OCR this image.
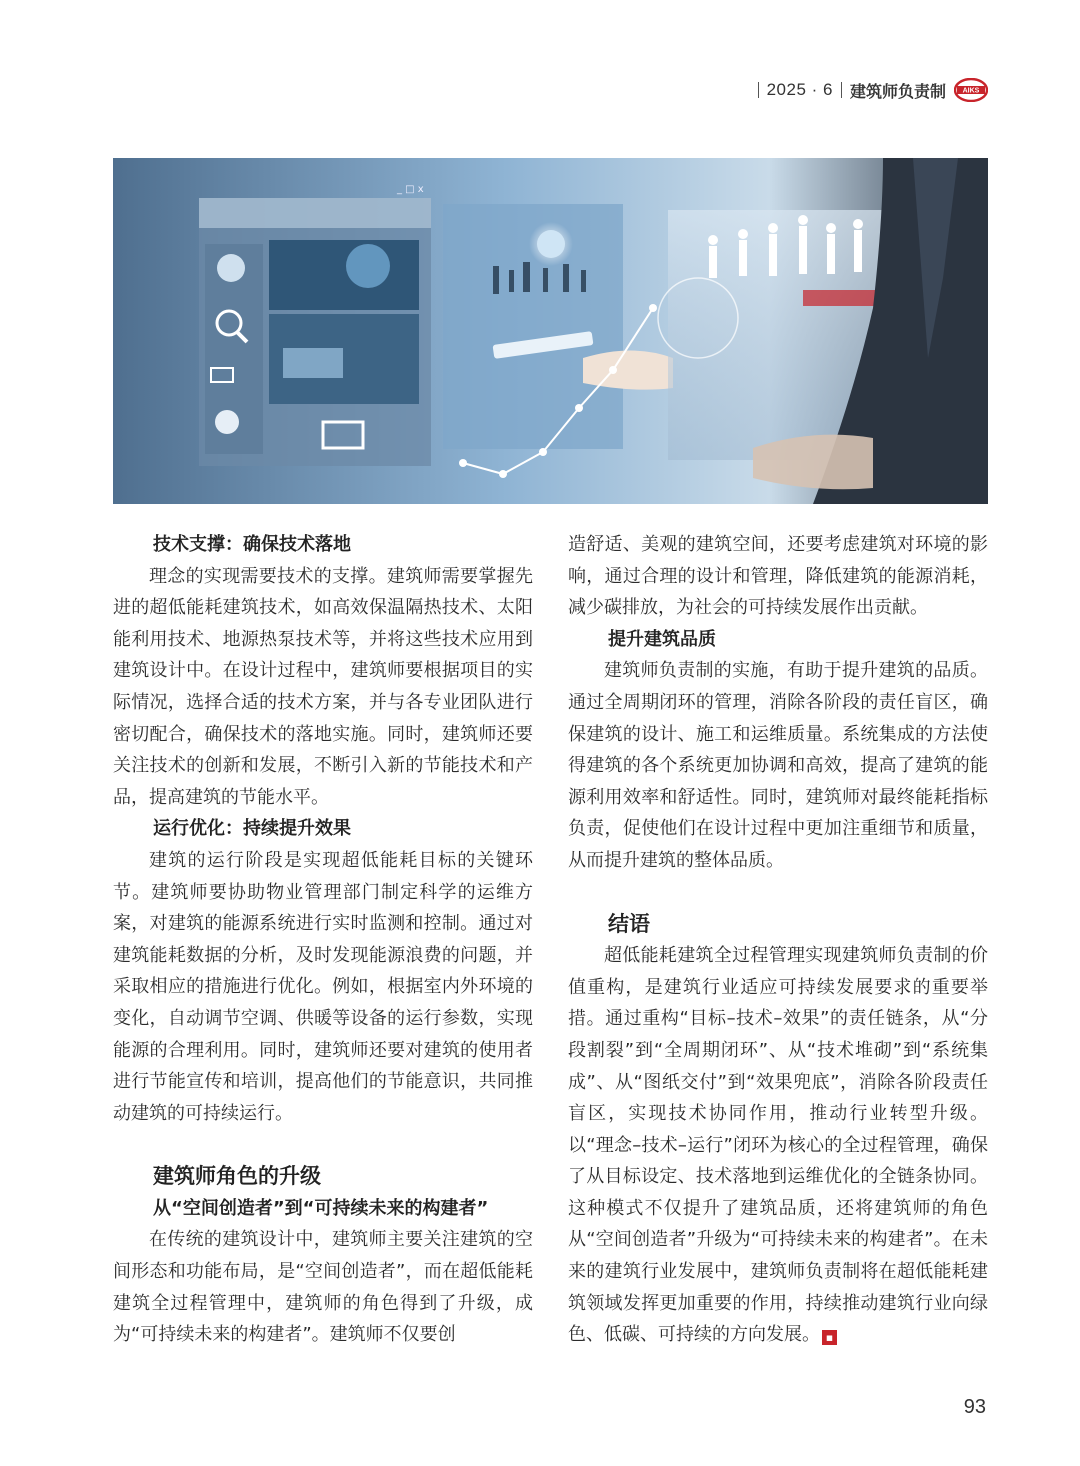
2025 · 6 建筑师负责制 AIKS
_ □ x
技术支撑：确保技术落地

理念的实现需要技术的支撑。建筑师需要掌握先进的超低能耗建筑技术，如高效保温隔热技术、太阳能利用技术、地源热泵技术等，并将这些技术应用到建筑设计中。在设计过程中，建筑师要根据项目的实际情况，选择合适的技术方案，并与各专业团队进行密切配合，确保技术的落地实施。同时，建筑师还要关注技术的创新和发展，不断引入新的节能技术和产品，提高建筑的节能水平。

运行优化：持续提升效果

建筑的运行阶段是实现超低能耗目标的关键环节。建筑师要协助物业管理部门制定科学的运维方案，对建筑的能源系统进行实时监测和控制。通过对建筑能耗数据的分析，及时发现能源浪费的问题，并采取相应的措施进行优化。例如，根据室内外环境的变化，自动调节空调、供暖等设备的运行参数，实现能源的合理利用。同时，建筑师还要对建筑的使用者进行节能宣传和培训，提高他们的节能意识，共同推动建筑的可持续运行。

建筑师角色的升级
从“空间创造者”到“可持续未来的构建者”

在传统的建筑设计中，建筑师主要关注建筑的空间形态和功能布局，是“空间创造者”，而在超低能耗建筑全过程管理中，建筑师的角色得到了升级，成为“可持续未来的构建者”。建筑师不仅要创

造舒适、美观的建筑空间，还要考虑建筑对环境的影响，通过合理的设计和管理，降低建筑的能源消耗，减少碳排放，为社会的可持续发展作出贡献。

提升建筑品质

建筑师负责制的实施，有助于提升建筑的品质。通过全周期闭环的管理，消除各阶段的责任盲区，确保建筑的设计、施工和运维质量。系统集成的方法使得建筑的各个系统更加协调和高效，提高了建筑的能源利用效率和舒适性。同时，建筑师对最终能耗指标负责，促使他们在设计过程中更加注重细节和质量，从而提升建筑的整体品质。

结语

超低能耗建筑全过程管理实现建筑师负责制的价值重构，是建筑行业适应可持续发展要求的重要举措。通过重构“目标–技术–效果”的责任链条，从“分段割裂”到“全周期闭环”、从“技术堆砌”到“系统集成”、从“图纸交付”到“效果兜底”，消除各阶段责任盲区，实现技术协同作用，推动行业转型升级。以“理念–技术–运行”闭环为核心的全过程管理，确保了从目标设定、技术落地到运维优化的全链条协同。这种模式不仅提升了建筑品质，还将建筑师的角色从“空间创造者”升级为“可持续未来的构建者”。在未来的建筑行业发展中，建筑师负责制将在超低能耗建筑领域发挥更加重要的作用，持续推动建筑行业向绿色、低碳、可持续的方向发展。 ▪

93
